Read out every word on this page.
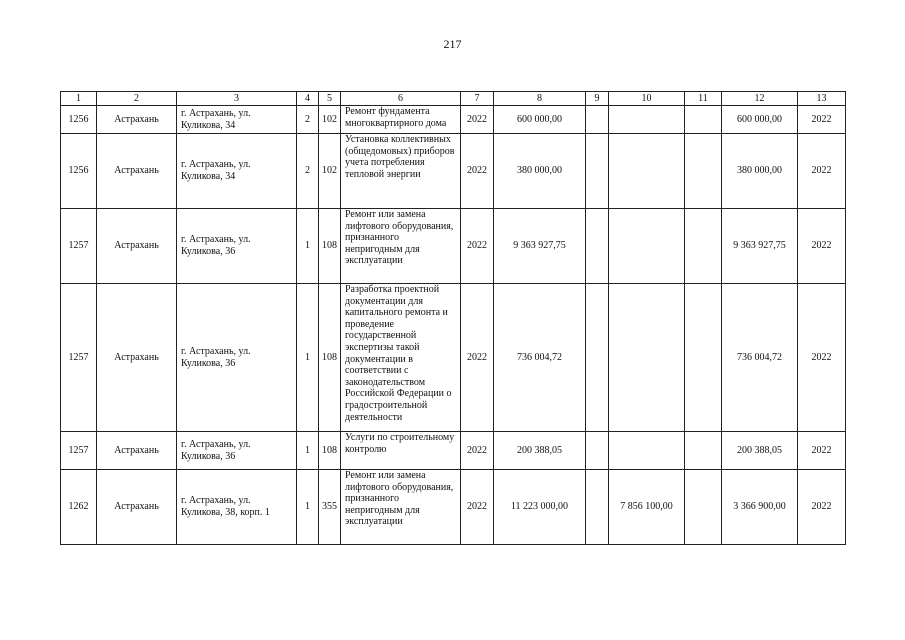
217
1	2	3	4	5	6	7	8	9	10	11	12	13
1256	Астрахань	г. Астрахань, ул. Куликова, 34	2	102	Ремонт фундамента многоквартирного дома	2022	600 000,00				600 000,00	2022
1256	Астрахань	г. Астрахань, ул. Куликова, 34	2	102	Установка коллективных (общедомовых) приборов учета потребления тепловой энергии	2022	380 000,00				380 000,00	2022
1257	Астрахань	г. Астрахань, ул. Куликова, 36	1	108	Ремонт или замена лифтового оборудования, признанного непригодным для эксплуатации	2022	9 363 927,75				9 363 927,75	2022
1257	Астрахань	г. Астрахань, ул. Куликова, 36	1	108	Разработка проектной документации для капитального ремонта и проведение государственной экспертизы такой документации в соответствии с законодательством Российской Федерации о градостроительной деятельности	2022	736 004,72				736 004,72	2022
1257	Астрахань	г. Астрахань, ул. Куликова, 36	1	108	Услуги по строительному контролю	2022	200 388,05				200 388,05	2022
1262	Астрахань	г. Астрахань, ул. Куликова, 38, корп. 1	1	355	Ремонт или замена лифтового оборудования, признанного непригодным для эксплуатации	2022	11 223 000,00		7 856 100,00		3 366 900,00	2022
